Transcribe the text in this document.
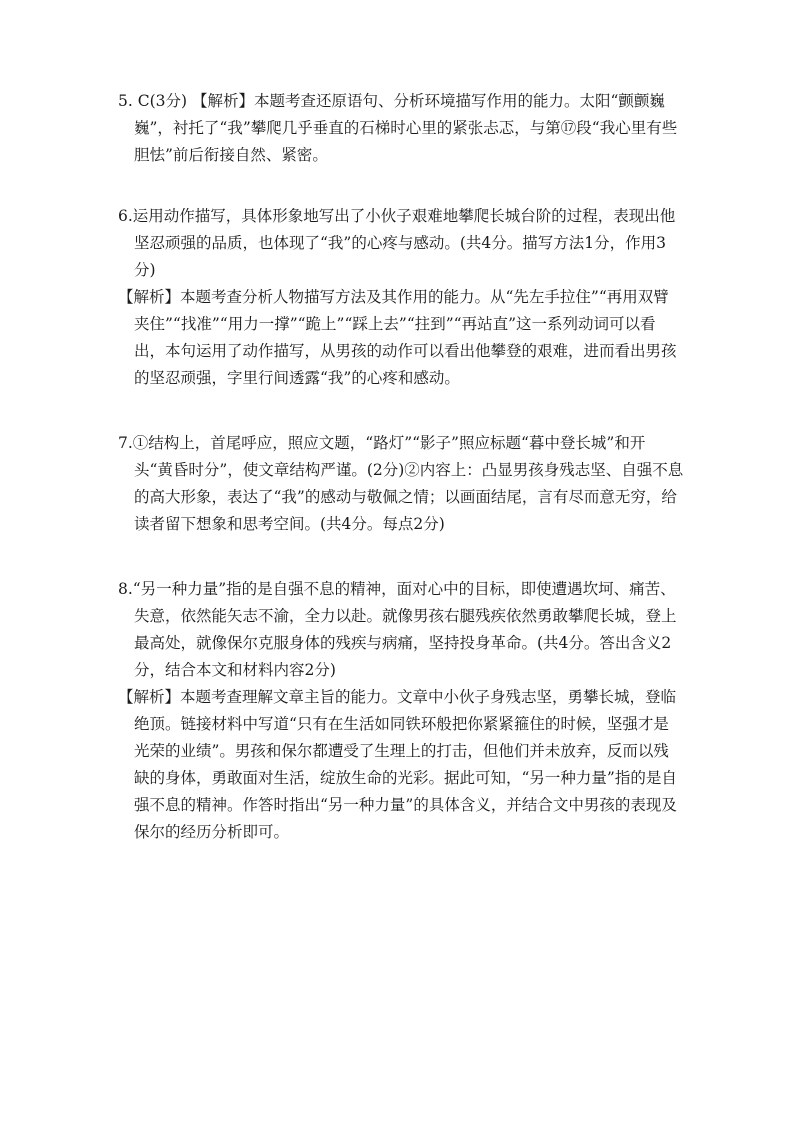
5. C(3分) 【解析】本题考查还原语句、分析环境描写作用的能力。太阳“颤颤巍巍”，衬托了“我”攀爬几乎垂直的石梯时心里的紧张忐忑，与第⑰段“我心里有些胆怯”前后衔接自然、紧密。

6.运用动作描写，具体形象地写出了小伙子艰难地攀爬长城台阶的过程，表现出他坚忍顽强的品质，也体现了“我”的心疼与感动。(共4分。描写方法1分，作用3分)

【解析】本题考查分析人物描写方法及其作用的能力。从“先左手拉住”“再用双臂夹住”“找准”“用力一撑”“跪上”“踩上去”“拄到”“再站直”这一系列动词可以看出，本句运用了动作描写，从男孩的动作可以看出他攀登的艰难，进而看出男孩的坚忍顽强，字里行间透露“我”的心疼和感动。

7.①结构上，首尾呼应，照应文题，“路灯”“影子”照应标题“暮中登长城”和开头“黄昏时分”，使文章结构严谨。(2分)②内容上：凸显男孩身残志坚、自强不息的高大形象，表达了“我”的感动与敬佩之情；以画面结尾，言有尽而意无穷，给读者留下想象和思考空间。(共4分。每点2分)

8.“另一种力量”指的是自强不息的精神，面对心中的目标，即使遭遇坎坷、痛苦、失意，依然能矢志不渝，全力以赴。就像男孩右腿残疾依然勇敢攀爬长城，登上最高处，就像保尔克服身体的残疾与病痛，坚持投身革命。(共4分。答出含义2分，结合本文和材料内容2分)

【解析】本题考查理解文章主旨的能力。文章中小伙子身残志坚，勇攀长城，登临绝顶。链接材料中写道“只有在生活如同铁环般把你紧紧箍住的时候，坚强才是光荣的业绩”。男孩和保尔都遭受了生理上的打击，但他们并未放弃，反而以残缺的身体，勇敢面对生活，绽放生命的光彩。据此可知，“另一种力量”指的是自强不息的精神。作答时指出“另一种力量”的具体含义，并结合文中男孩的表现及保尔的经历分析即可。
